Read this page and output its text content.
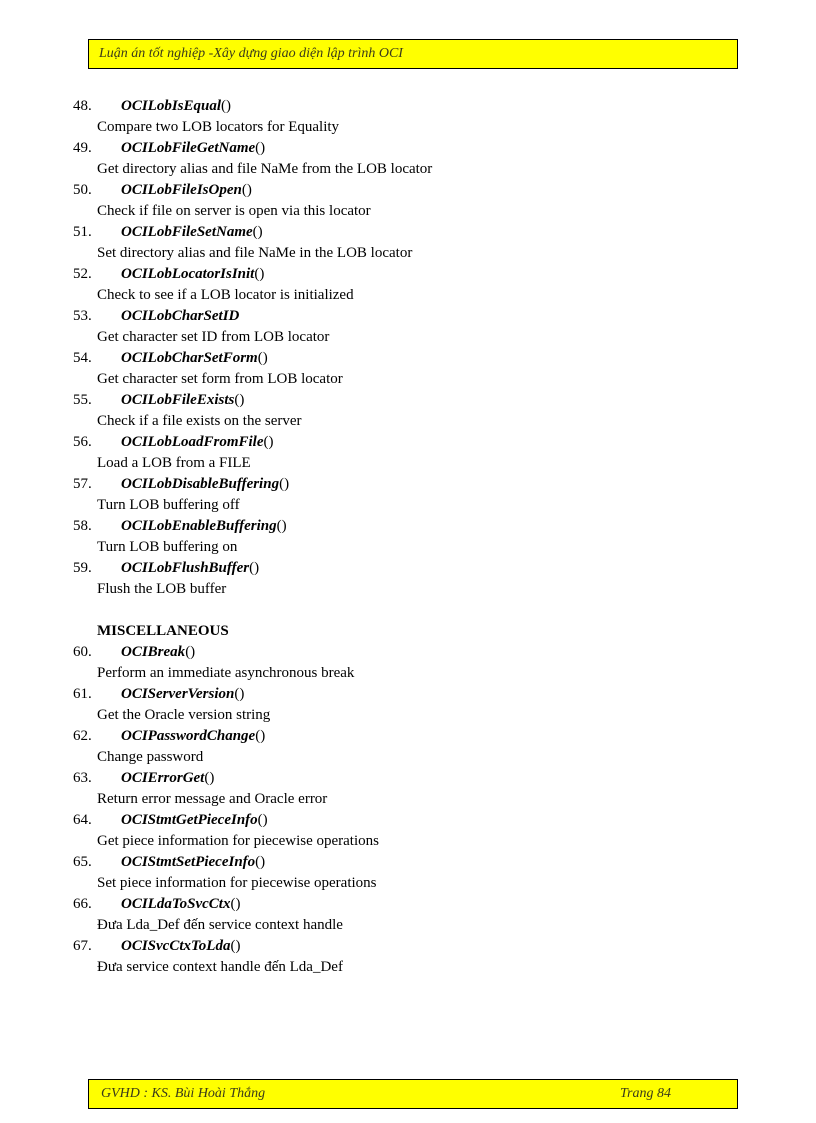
Luận án tốt nghiệp -Xây dựng giao diện lập trình OCI
48.	OCILobIsEqual ()
Compare two LOB locators for Equality
49.	OCILobFileGetName ()
Get directory alias and file NaMe from the LOB locator
50.	OCILobFileIsOpen ()
Check if file on server is open via this locator
51.	OCILobFileSetName ()
Set directory alias and file NaMe in the LOB locator
52.	OCILobLocatorIsInit ()
Check to see if a LOB locator is initialized
53.	OCILobCharSetID
Get character set ID from LOB locator
54.	OCILobCharSetForm ()
Get character set form from LOB locator
55.	OCILobFileExists ()
Check if a file exists on the server
56.	OCILobLoadFromFile ()
Load a LOB from a FILE
57.	OCILobDisableBuffering ()
Turn LOB buffering off
58.	OCILobEnableBuffering ()
Turn LOB buffering on
59.	OCILobFlushBuffer ()
Flush the LOB buffer
MISCELLANEOUS
60.	OCIBreak ()
Perform an immediate asynchronous break
61.	OCIServerVersion ()
Get the Oracle version string
62.	OCIPasswordChange ()
Change password
63.	OCIErrorGet ()
Return error message and Oracle error
64.	OCIStmtGetPieceInfo ()
Get piece information for piecewise operations
65.	OCIStmtSetPieceInfo ()
Set piece information for piecewise operations
66.	OCILdaToSvcCtx ()
Đưa Lda_Def đến service context handle
67.	OCISvcCtxToLda ()
Đưa service context handle đến Lda_Def
GVHD : KS. Bùi Hoài Thắng	Trang 84
